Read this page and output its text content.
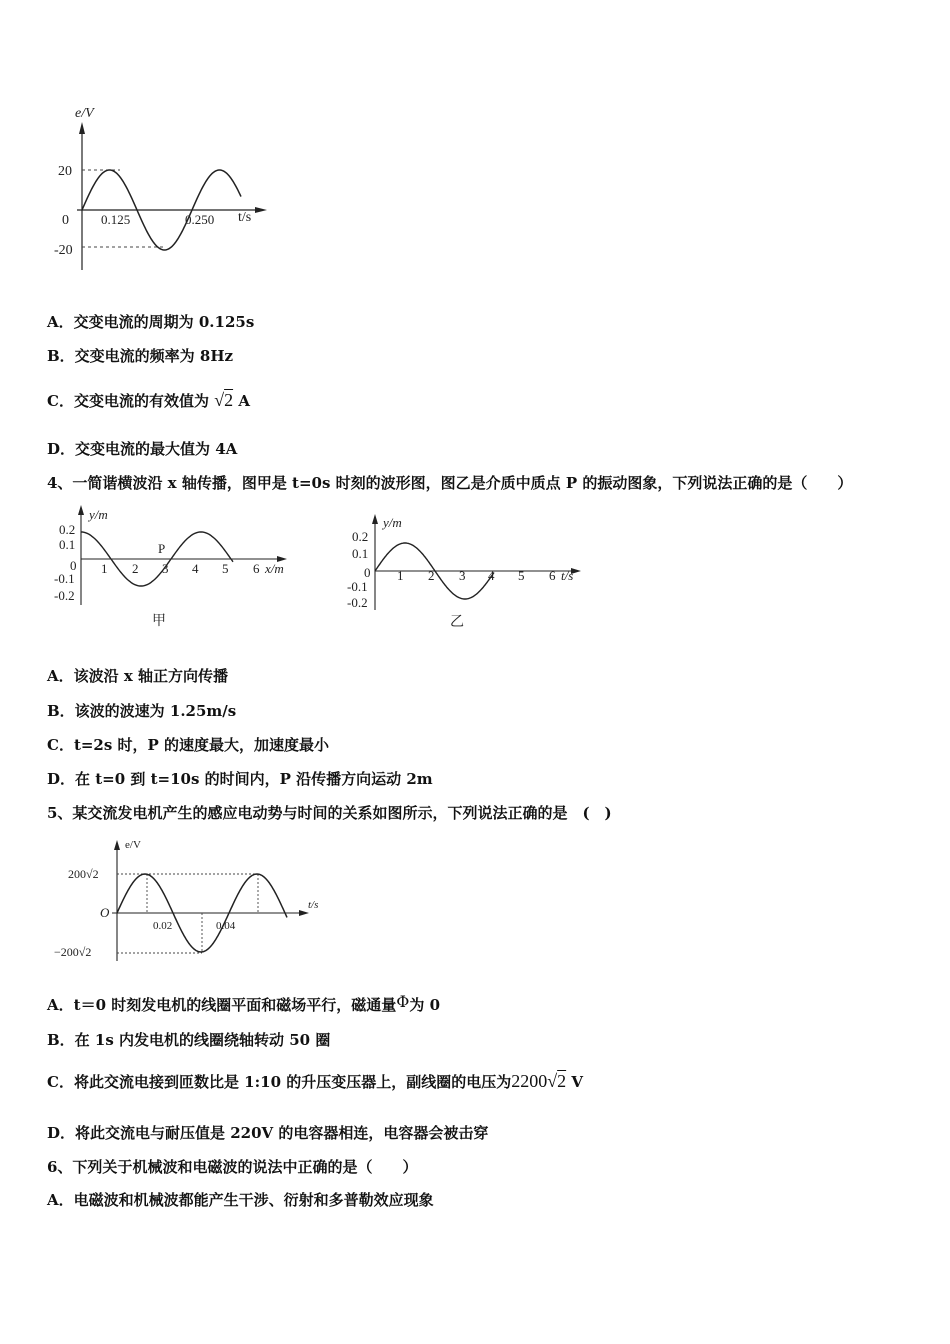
e/V
20
0
-20
0.125	0.250 t/s
A．交变电流的周期为 0.125s
B．交变电流的频率为 8Hz
C．交变电流的有效值为 √2 A
D．交变电流的最大值为 4A
4、一简谐横波沿 x 轴传播，图甲是 t=0s 时刻的波形图，图乙是介质中质点 P 的振动图象，下列说法正确的是（　　）
y/m
0.2
0.1
0
-0.1
-0.2
1 2 3 4 5 6 x/m
P
甲
y/m
0.2
0.1
0
-0.1
-0.2
1 2 3 4 5 6 t/s
乙
A．该波沿 x 轴正方向传播
B．该波的波速为 1.25m/s
C．t=2s 时，P 的速度最大，加速度最小
D．在 t=0 到 t=10s 的时间内，P 沿传播方向运动 2m
5、某交流发电机产生的感应电动势与时间的关系如图所示，下列说法正确的是　(　)
e/V
200√2
O
−200√2
0.02	0.04
t/s
A．t＝0 时刻发电机的线圈平面和磁场平行，磁通量Φ为 0
B．在 1s 内发电机的线圈绕轴转动 50 圈
C．将此交流电接到匝数比是 1:10 的升压变压器上，副线圈的电压为2200√2 V
D．将此交流电与耐压值是 220V 的电容器相连，电容器会被击穿
6、下列关于机械波和电磁波的说法中正确的是（　　）
A．电磁波和机械波都能产生干涉、衍射和多普勒效应现象
